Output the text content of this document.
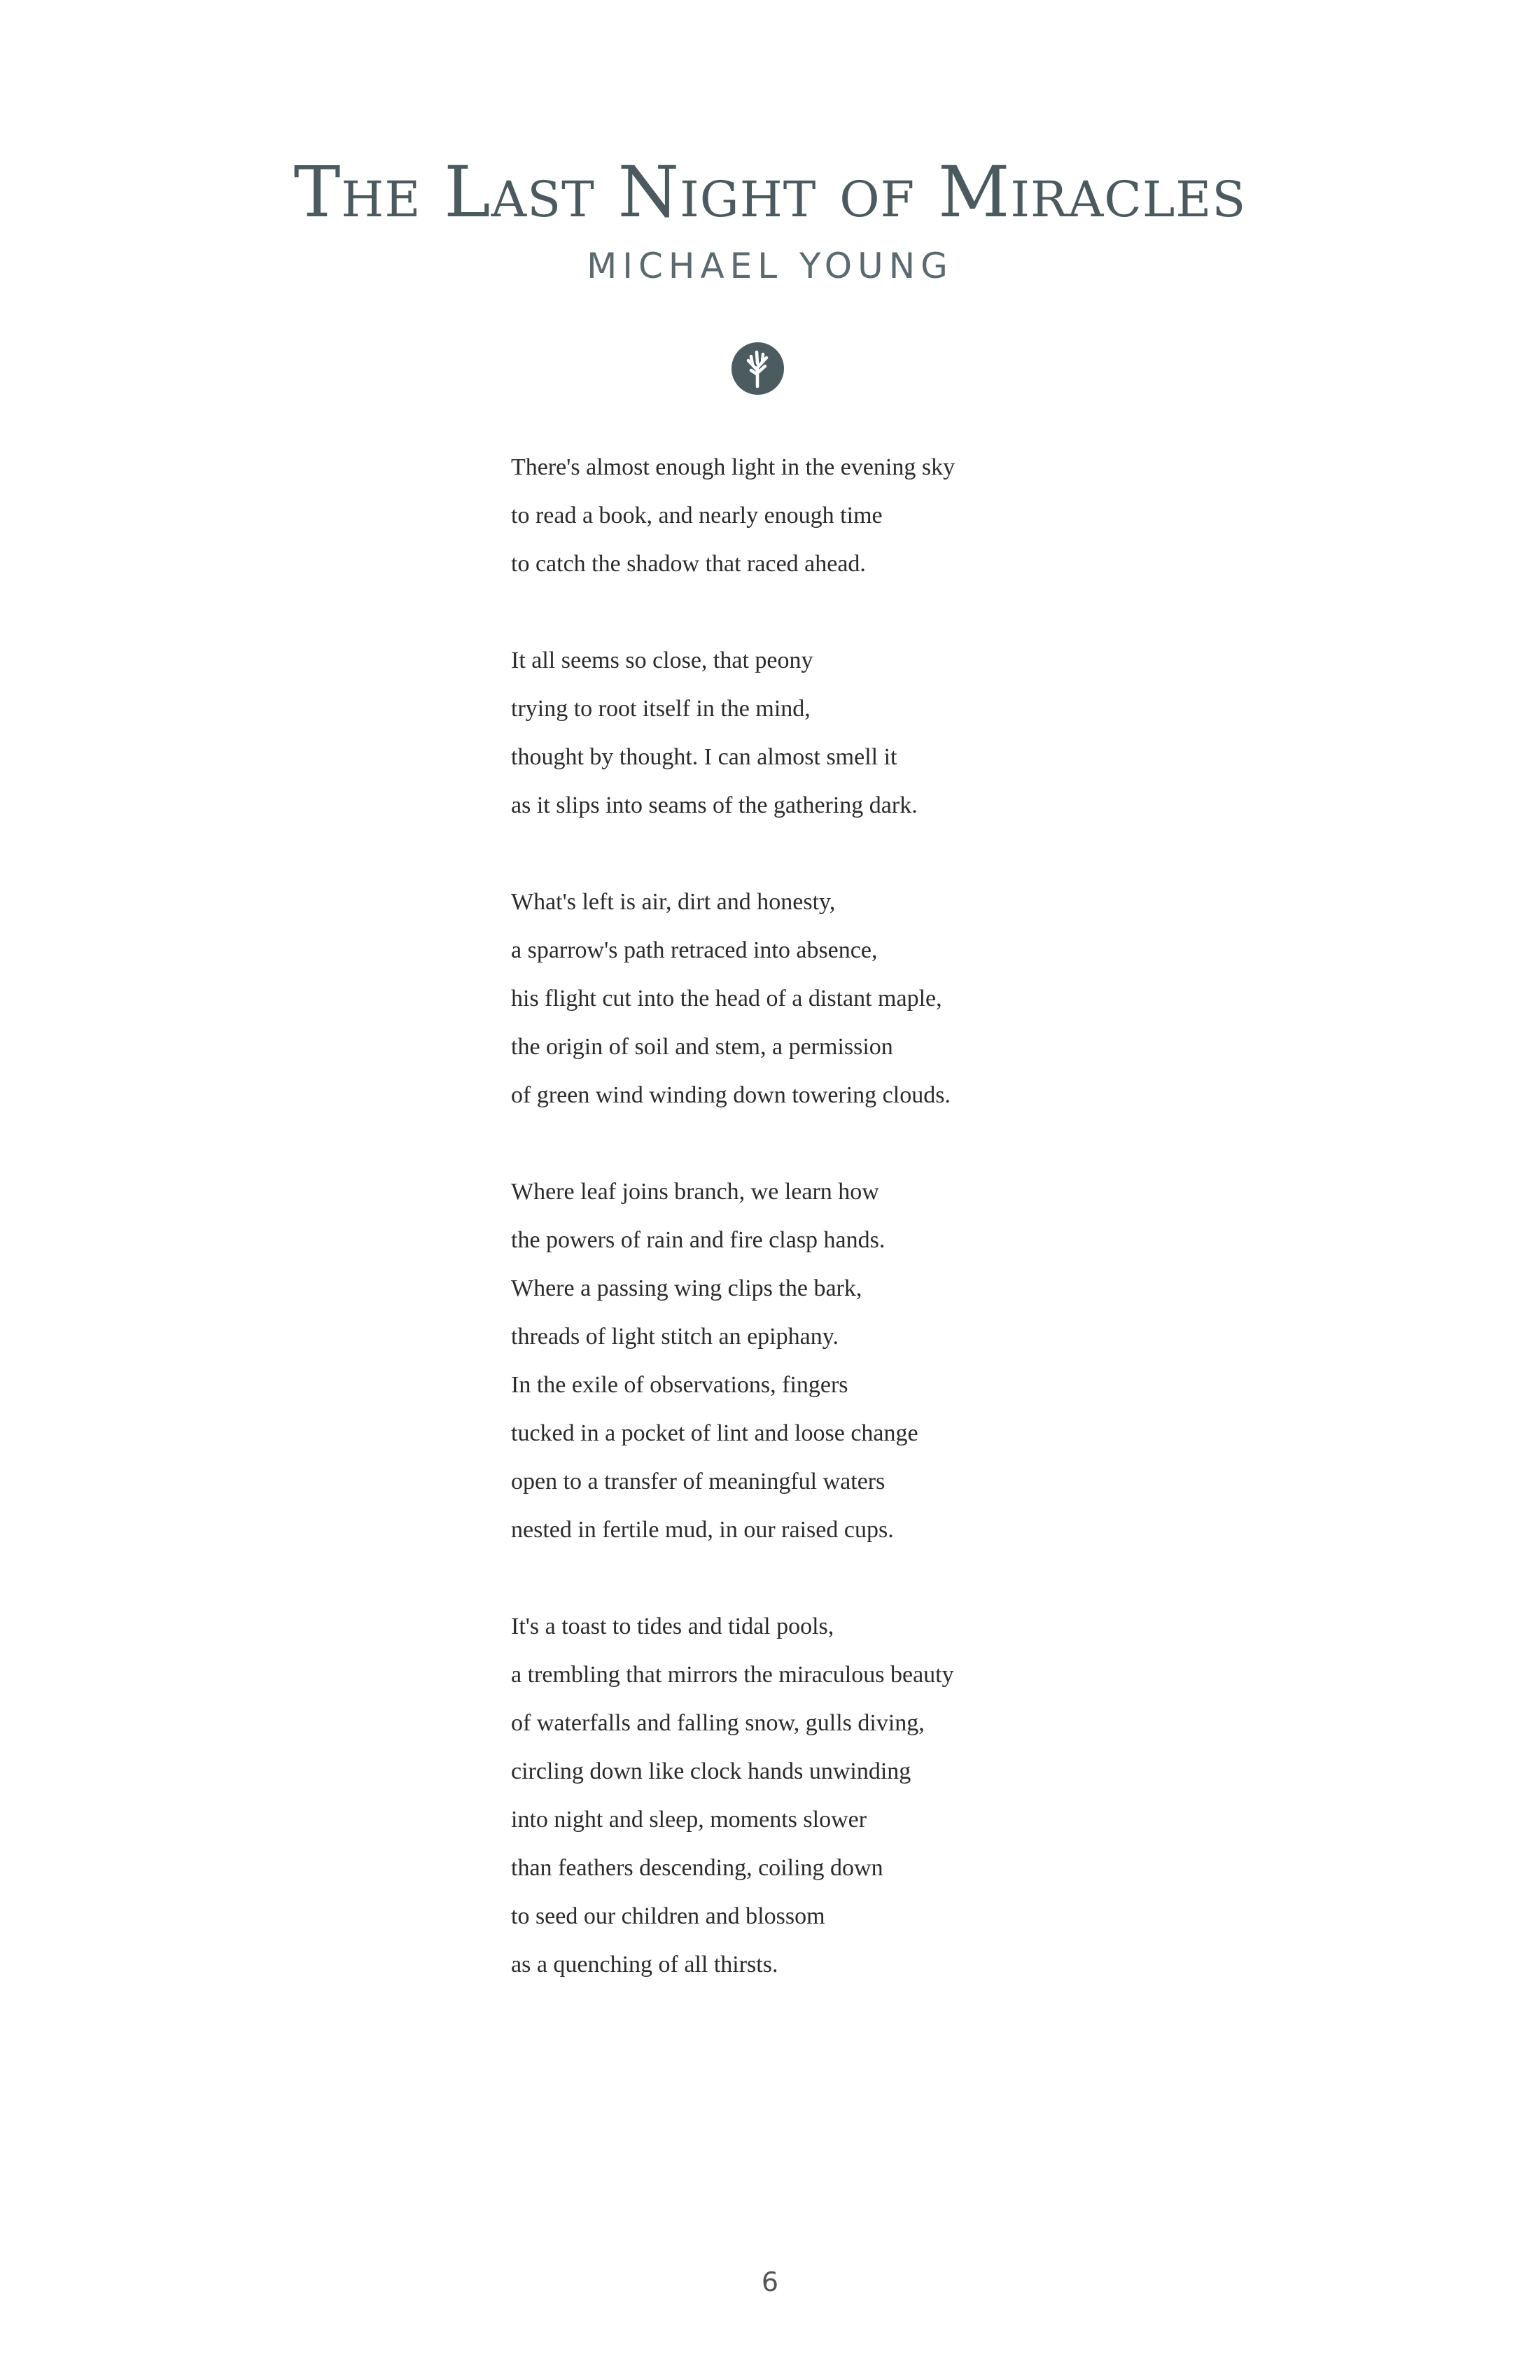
The Last Night of Miracles
MICHAEL YOUNG
There's almost enough light in the evening sky
to read a book, and nearly enough time
to catch the shadow that raced ahead.
It all seems so close, that peony
trying to root itself in the mind,
thought by thought. I can almost smell it
as it slips into seams of the gathering dark.
What's left is air, dirt and honesty,
a sparrow's path retraced into absence,
his flight cut into the head of a distant maple,
the origin of soil and stem, a permission
of green wind winding down towering clouds.
Where leaf joins branch, we learn how
the powers of rain and fire clasp hands.
Where a passing wing clips the bark,
threads of light stitch an epiphany.
In the exile of observations, fingers
tucked in a pocket of lint and loose change
open to a transfer of meaningful waters
nested in fertile mud, in our raised cups.
It's a toast to tides and tidal pools,
a trembling that mirrors the miraculous beauty
of waterfalls and falling snow, gulls diving,
circling down like clock hands unwinding
into night and sleep, moments slower
than feathers descending, coiling down
to seed our children and blossom
as a quenching of all thirsts.
6
